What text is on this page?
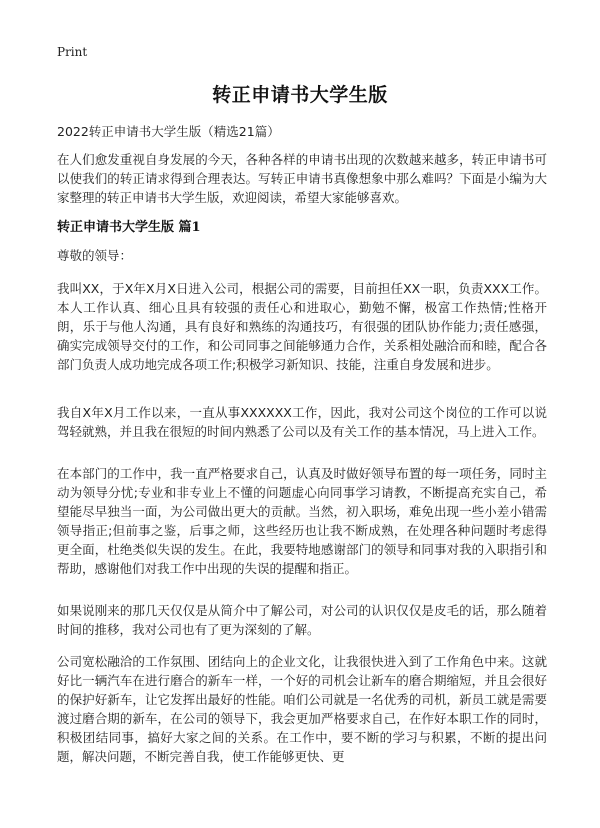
Print
转正申请书大学生版
2022转正申请书大学生版（精选21篇）

在人们愈发重视自身发展的今天，各种各样的申请书出现的次数越来越多，转正申请书可以使我们的转正请求得到合理表达。写转正申请书真像想象中那么难吗？下面是小编为大家整理的转正申请书大学生版，欢迎阅读，希望大家能够喜欢。

转正申请书大学生版 篇1

尊敬的领导：

我叫XX，于X年X月X日进入公司，根据公司的需要，目前担任XX一职，负责XXX工作。本人工作认真、细心且具有较强的责任心和进取心，勤勉不懈，极富工作热情;性格开朗，乐于与他人沟通，具有良好和熟练的沟通技巧，有很强的团队协作能力;责任感强，确实完成领导交付的工作，和公司同事之间能够通力合作，关系相处融洽而和睦，配合各部门负责人成功地完成各项工作;积极学习新知识、技能，注重自身发展和进步。

我自X年X月工作以来，一直从事XXXXXX工作，因此，我对公司这个岗位的工作可以说驾轻就熟，并且我在很短的时间内熟悉了公司以及有关工作的基本情况，马上进入工作。

在本部门的工作中，我一直严格要求自己，认真及时做好领导布置的每一项任务，同时主动为领导分忧;专业和非专业上不懂的问题虚心向同事学习请教，不断提高充实自己，希望能尽早独当一面，为公司做出更大的贡献。当然，初入职场，难免出现一些小差小错需领导指正;但前事之鉴，后事之师，这些经历也让我不断成熟，在处理各种问题时考虑得更全面，杜绝类似失误的发生。在此，我要特地感谢部门的领导和同事对我的入职指引和帮助，感谢他们对我工作中出现的失误的提醒和指正。

如果说刚来的那几天仅仅是从简介中了解公司，对公司的认识仅仅是皮毛的话，那么随着时间的推移，我对公司也有了更为深刻的了解。

公司宽松融洽的工作氛围、团结向上的企业文化，让我很快进入到了工作角色中来。这就好比一辆汽车在进行磨合的新车一样，一个好的司机会让新车的磨合期缩短，并且会很好的保护好新车，让它发挥出最好的性能。咱们公司就是一名优秀的司机，新员工就是需要渡过磨合期的新车，在公司的领导下，我会更加严格要求自己，在作好本职工作的同时，积极团结同事，搞好大家之间的关系。在工作中，要不断的学习与积累，不断的提出问题，解决问题，不断完善自我，使工作能够更快、更
